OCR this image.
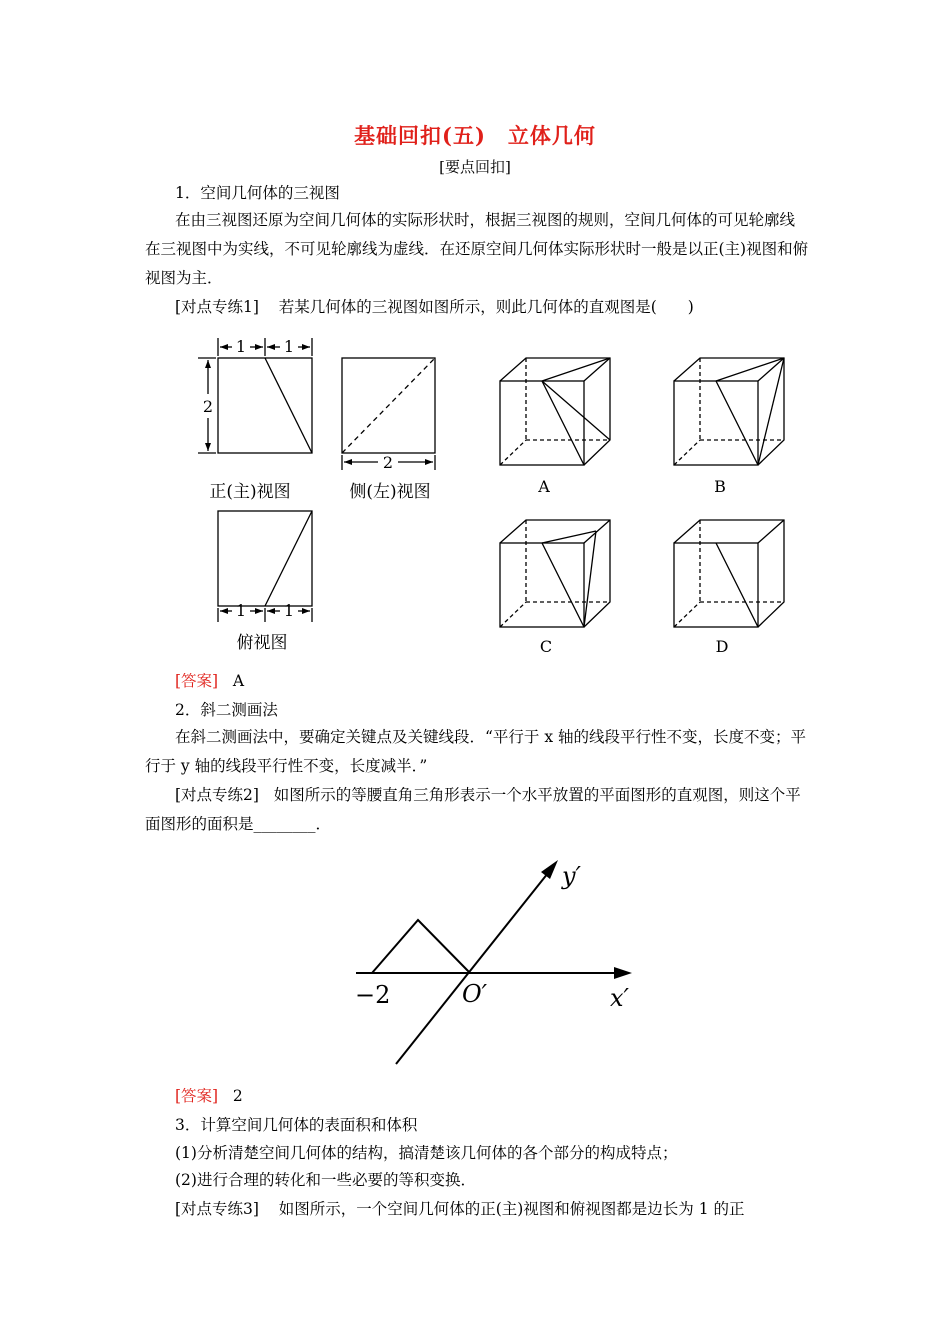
基础回扣(五)　立体几何
[要点回扣]
1．空间几何体的三视图
在由三视图还原为空间几何体的实际形状时，根据三视图的规则，空间几何体的可见轮廓线在三视图中为实线，不可见轮廓线为虚线．在还原空间几何体实际形状时一般是以正(主)视图和俯视图为主．
[对点专练1] 若某几何体的三视图如图所示，则此几何体的直观图是(　　)
1 1
2
2
1 1
正(主)视图	侧(左)视图
俯视图
A	B
C	D
[答案] A
2．斜二测画法
在斜二测画法中，要确定关键点及关键线段．“平行于 x 轴的线段平行性不变，长度不变；平行于 y 轴的线段平行性不变，长度减半．”
[对点专练2] 如图所示的等腰直角三角形表示一个水平放置的平面图形的直观图，则这个平面图形的面积是________．
y′
x′
O′
−2
[答案] 2
3．计算空间几何体的表面积和体积
(1)分析清楚空间几何体的结构，搞清楚该几何体的各个部分的构成特点；
(2)进行合理的转化和一些必要的等积变换．
[对点专练3] 如图所示，一个空间几何体的正(主)视图和俯视图都是边长为 1 的正
